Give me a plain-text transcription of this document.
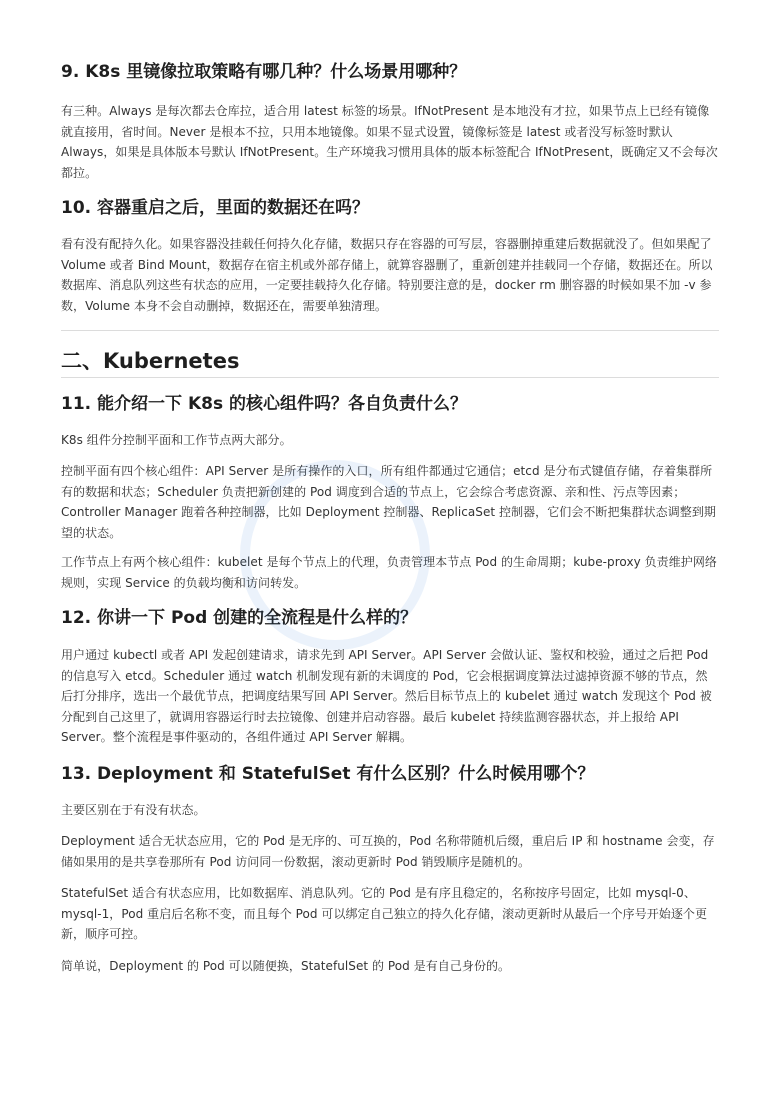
9. K8s 里镜像拉取策略有哪几种？什么场景用哪种？

有三种。Always 是每次都去仓库拉，适合用 latest 标签的场景。IfNotPresent 是本地没有才拉，如果节点上已经有镜像就直接用，省时间。Never 是根本不拉，只用本地镜像。如果不显式设置，镜像标签是 latest 或者没写标签时默认 Always，如果是具体版本号默认 IfNotPresent。生产环境我习惯用具体的版本标签配合 IfNotPresent，既确定又不会每次都拉。

10. 容器重启之后，里面的数据还在吗？

看有没有配持久化。如果容器没挂载任何持久化存储，数据只存在容器的可写层，容器删掉重建后数据就没了。但如果配了 Volume 或者 Bind Mount，数据存在宿主机或外部存储上，就算容器删了，重新创建并挂载同一个存储，数据还在。所以数据库、消息队列这些有状态的应用，一定要挂载持久化存储。特别要注意的是，docker rm 删容器的时候如果不加 -v 参数，Volume 本身不会自动删掉，数据还在，需要单独清理。

二、Kubernetes
11. 能介绍一下 K8s 的核心组件吗？各自负责什么？

K8s 组件分控制平面和工作节点两大部分。

控制平面有四个核心组件：API Server 是所有操作的入口，所有组件都通过它通信；etcd 是分布式键值存储，存着集群所有的数据和状态；Scheduler 负责把新创建的 Pod 调度到合适的节点上，它会综合考虑资源、亲和性、污点等因素；Controller Manager 跑着各种控制器，比如 Deployment 控制器、ReplicaSet 控制器，它们会不断把集群状态调整到期望的状态。

工作节点上有两个核心组件：kubelet 是每个节点上的代理，负责管理本节点 Pod 的生命周期；kube-proxy 负责维护网络规则，实现 Service 的负载均衡和访问转发。

12. 你讲一下 Pod 创建的全流程是什么样的？

用户通过 kubectl 或者 API 发起创建请求，请求先到 API Server。API Server 会做认证、鉴权和校验，通过之后把 Pod 的信息写入 etcd。Scheduler 通过 watch 机制发现有新的未调度的 Pod，它会根据调度算法过滤掉资源不够的节点，然后打分排序，选出一个最优节点，把调度结果写回 API Server。然后目标节点上的 kubelet 通过 watch 发现这个 Pod 被分配到自己这里了，就调用容器运行时去拉镜像、创建并启动容器。最后 kubelet 持续监测容器状态，并上报给 API Server。整个流程是事件驱动的，各组件通过 API Server 解耦。

13. Deployment 和 StatefulSet 有什么区别？什么时候用哪个？

主要区别在于有没有状态。

Deployment 适合无状态应用，它的 Pod 是无序的、可互换的，Pod 名称带随机后缀，重启后 IP 和 hostname 会变，存储如果用的是共享卷那所有 Pod 访问同一份数据，滚动更新时 Pod 销毁顺序是随机的。

StatefulSet 适合有状态应用，比如数据库、消息队列。它的 Pod 是有序且稳定的，名称按序号固定，比如 mysql-0、mysql-1，Pod 重启后名称不变，而且每个 Pod 可以绑定自己独立的持久化存储，滚动更新时从最后一个序号开始逐个更新，顺序可控。

简单说，Deployment 的 Pod 可以随便换，StatefulSet 的 Pod 是有自己身份的。
